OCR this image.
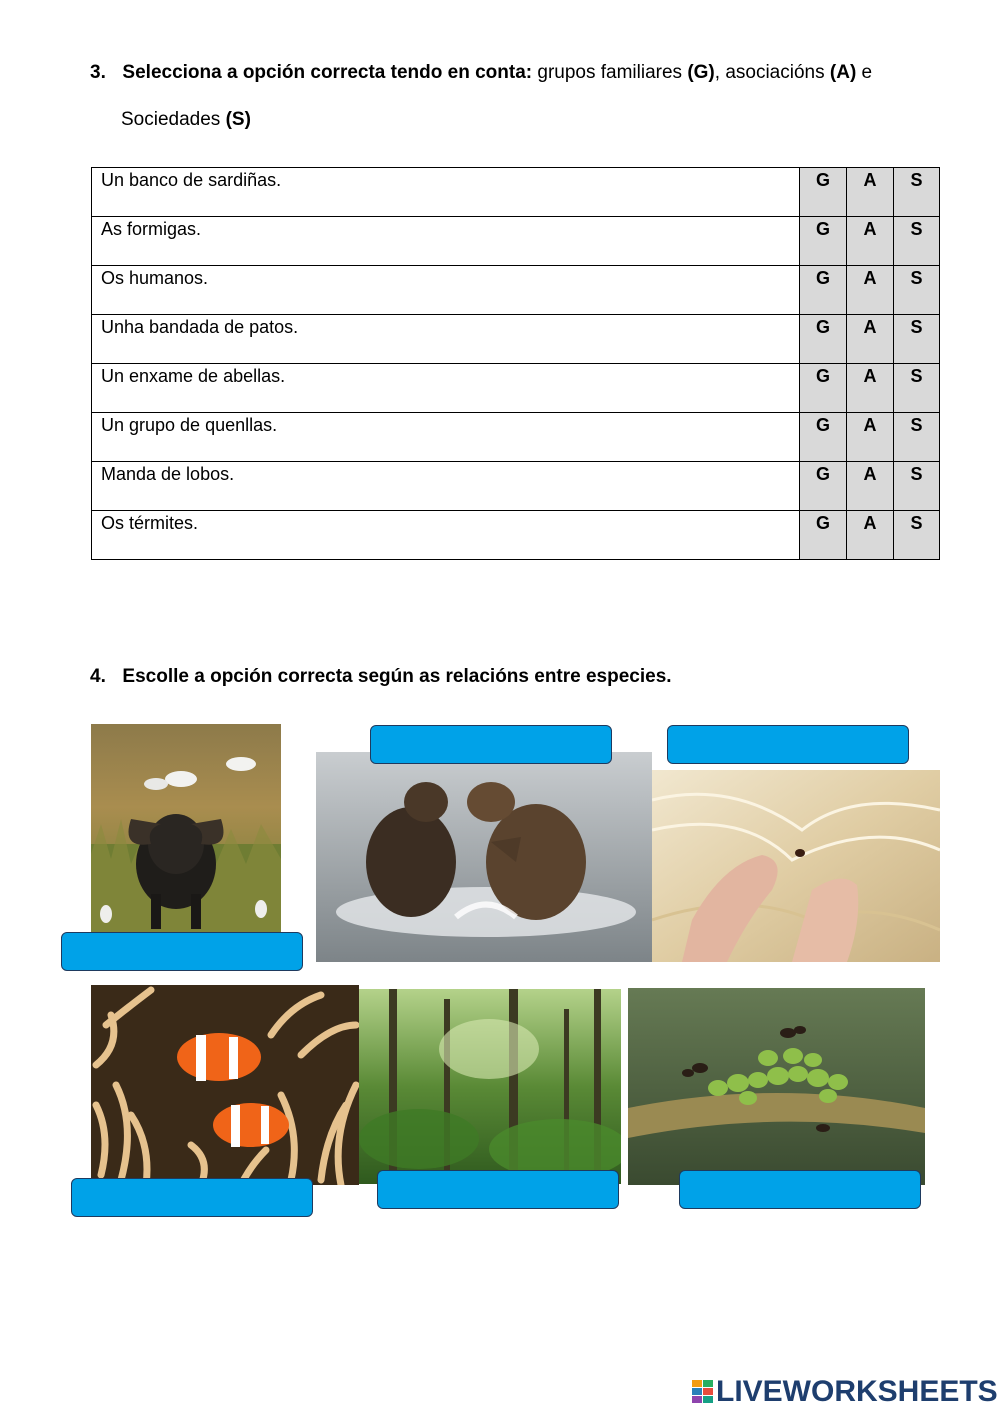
3. Selecciona a opción correcta tendo en conta: grupos familiares (G), asociacións (A) e
Sociedades (S)
Un banco de sardiñas.	G	A	S
As formigas.	G	A	S
Os humanos.	G	A	S
Unha bandada de patos.	G	A	S
Un enxame de abellas.	G	A	S
Un grupo de quenllas.	G	A	S
Manda de lobos.	G	A	S
Os térmites.	G	A	S
4. Escolle a opción correcta según as relacións entre especies.
LIVEWORKSHEETS
